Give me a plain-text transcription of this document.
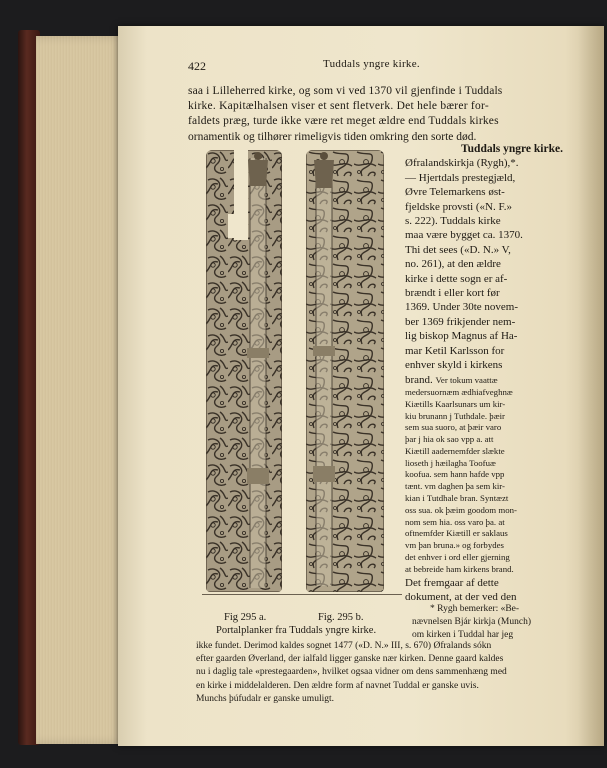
422	Tuddals yngre kirke.
saa i Lilleherred kirke, og som vi ved 1370 vil gjenfinde i Tuddals
kirke. Kapitælhalsen viser et sent fletverk. Det hele bærer for-
faldets præg, turde ikke være ret meget ældre end Tuddals kirkes
ornamentik og tilhører rimeligvis tiden omkring den sorte død.
Tuddals yngre kirke.
Øfralandskirkja (Rygh),*.
— Hjertdals prestegjæld,
Øvre Telemarkens øst-
fjeldske provsti («N. F.»
s. 222). Tuddals kirke
maa være bygget ca. 1370.
Thi det sees («D. N.» V,
no. 261), at den ældre
kirke i dette sogn er af-
brændt i eller kort før
1369. Under 30te novem-
ber 1369 frikjender nem-
lig biskop Magnus af Ha-
mar Ketil Karlsson for
enhver skyld i kirkens
brand. Ver tokum vaattæ
medersuornæm ædhiafveghnæ
Kiætills Kaarlsunars um kir-
kiu brunann j Tuthdale. þæir
sem sua suoro, at þæir varo
þar j hia ok sao vpp a. att
Kiætill aadernemfder slækte
lioseth j hæilagha Toofuæ
koofua. sem hann hafde vpp
tænt. vm daghen þa sem kir-
kian i Tutdhale bran. Syntæzt
oss sua. ok þæim goodom mon-
nom sem hia. oss varo þa. at
oftnemfder Kiætill er saklaus
vm þan bruna.» og forbydes
det enhver i ord eller gjerning
at bebreide ham kirkens brand.
Det fremgaar af dette
dokument, at der ved den
Fig 295 a.	Fig. 295 b.
Portalplanker fra Tuddals yngre kirke.
* Rygh bemerker: «Be-
nævnelsen Bjár kirkja (Munch)
om kirken i Tuddal har jeg
ikke fundet. Derimod kaldes sognet 1477 («D. N.» III, s. 670) Øfralands sókn
efter gaarden Øverland, der ialfald ligger ganske nær kirken. Denne gaard kaldes
nu i daglig tale «prestegaarden», hvilket ogsaa vidner om dens sammenhæng med
en kirke i middelalderen. Den ældre form af navnet Tuddal er ganske uvis.
Munchs þúfudalr er ganske umuligt.
